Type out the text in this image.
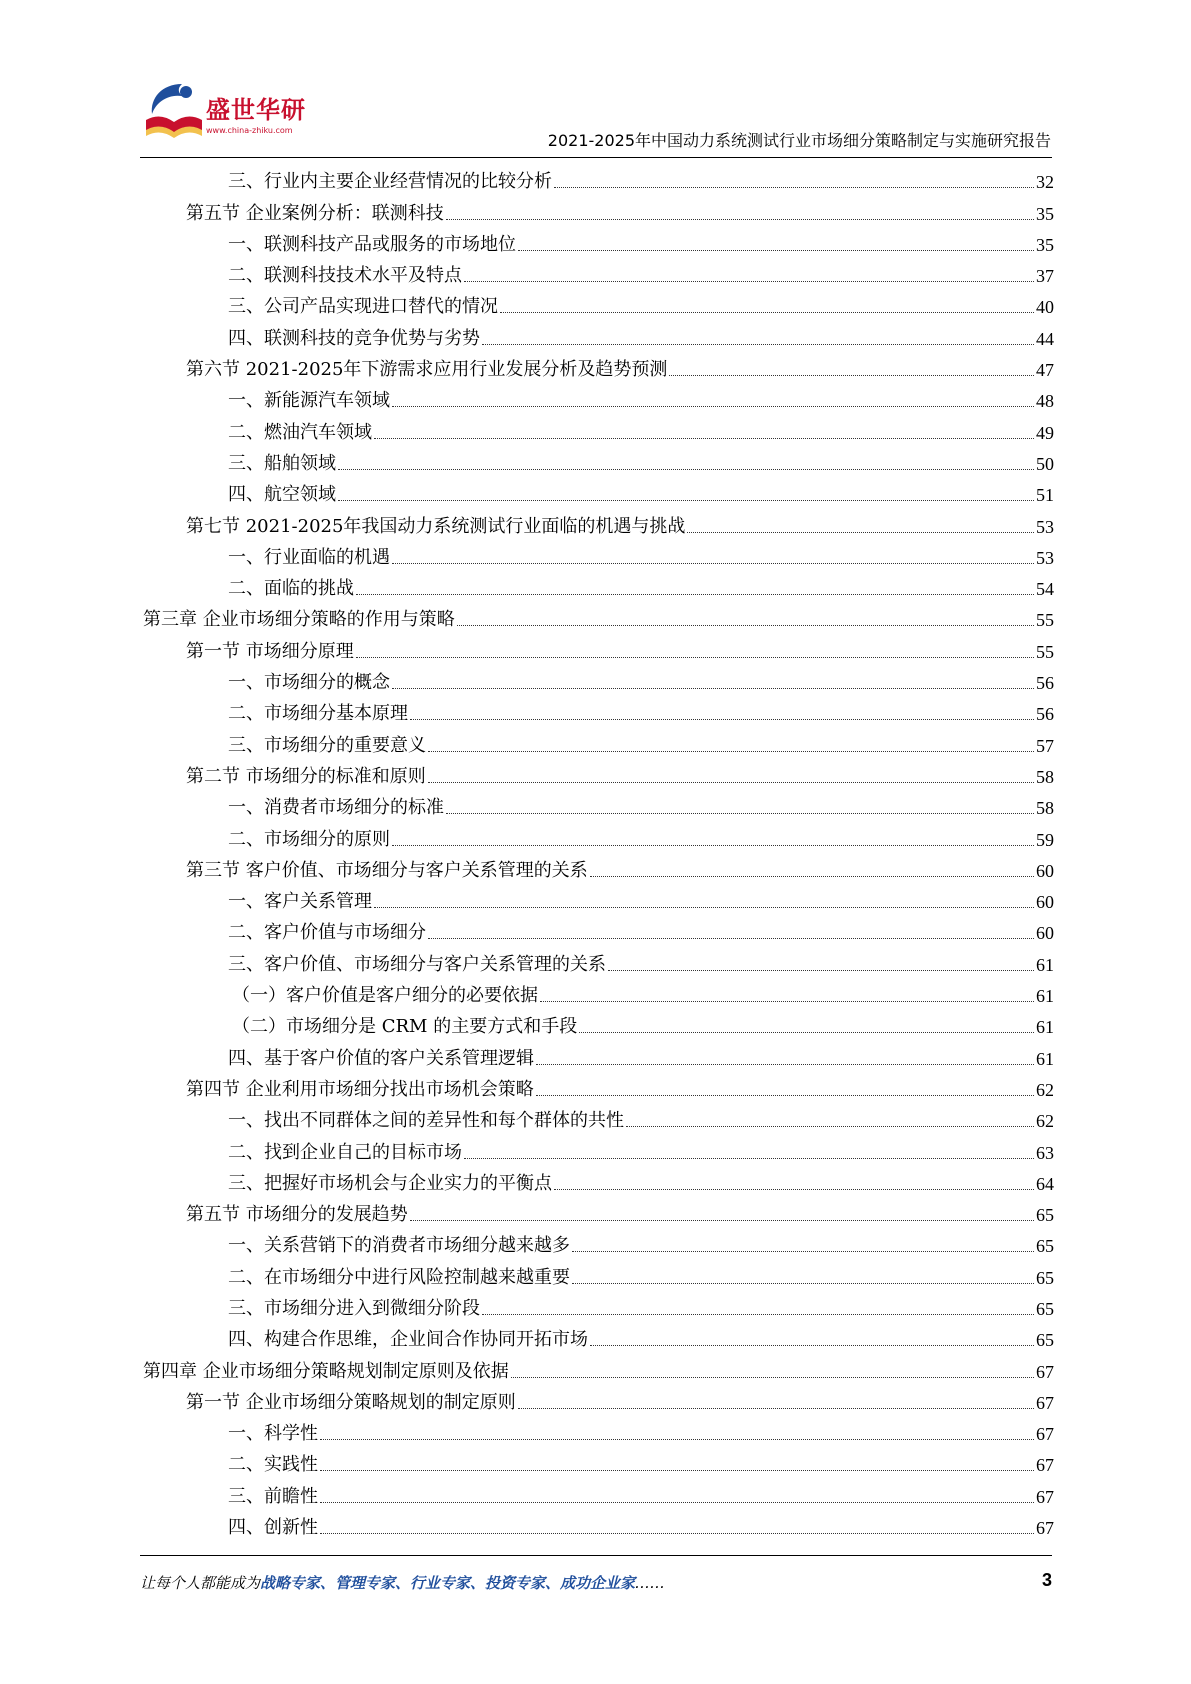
盛世华研
www.china-zhiku.com
2021-2025年中国动力系统测试行业市场细分策略制定与实施研究报告
三、行业内主要企业经营情况的比较分析	32
第五节 企业案例分析：联测科技	35
一、联测科技产品或服务的市场地位	35
二、联测科技技术水平及特点	37
三、公司产品实现进口替代的情况	40
四、联测科技的竞争优势与劣势	44
第六节 2021-2025年下游需求应用行业发展分析及趋势预测	47
一、新能源汽车领域	48
二、燃油汽车领域	49
三、船舶领域	50
四、航空领域	51
第七节 2021-2025年我国动力系统测试行业面临的机遇与挑战	53
一、行业面临的机遇	53
二、面临的挑战	54
第三章 企业市场细分策略的作用与策略	55
第一节 市场细分原理	55
一、市场细分的概念	56
二、市场细分基本原理	56
三、市场细分的重要意义	57
第二节 市场细分的标准和原则	58
一、消费者市场细分的标准	58
二、市场细分的原则	59
第三节 客户价值、市场细分与客户关系管理的关系	60
一、客户关系管理	60
二、客户价值与市场细分	60
三、客户价值、市场细分与客户关系管理的关系	61
（一）客户价值是客户细分的必要依据	61
（二）市场细分是 CRM 的主要方式和手段	61
四、基于客户价值的客户关系管理逻辑	61
第四节 企业利用市场细分找出市场机会策略	62
一、找出不同群体之间的差异性和每个群体的共性	62
二、找到企业自己的目标市场	63
三、把握好市场机会与企业实力的平衡点	64
第五节 市场细分的发展趋势	65
一、关系营销下的消费者市场细分越来越多	65
二、在市场细分中进行风险控制越来越重要	65
三、市场细分进入到微细分阶段	65
四、构建合作思维，企业间合作协同开拓市场	65
第四章 企业市场细分策略规划制定原则及依据	67
第一节 企业市场细分策略规划的制定原则	67
一、科学性	67
二、实践性	67
三、前瞻性	67
四、创新性	67
让每个人都能成为战略专家、管理专家、行业专家、投资专家、成功企业家……	3
